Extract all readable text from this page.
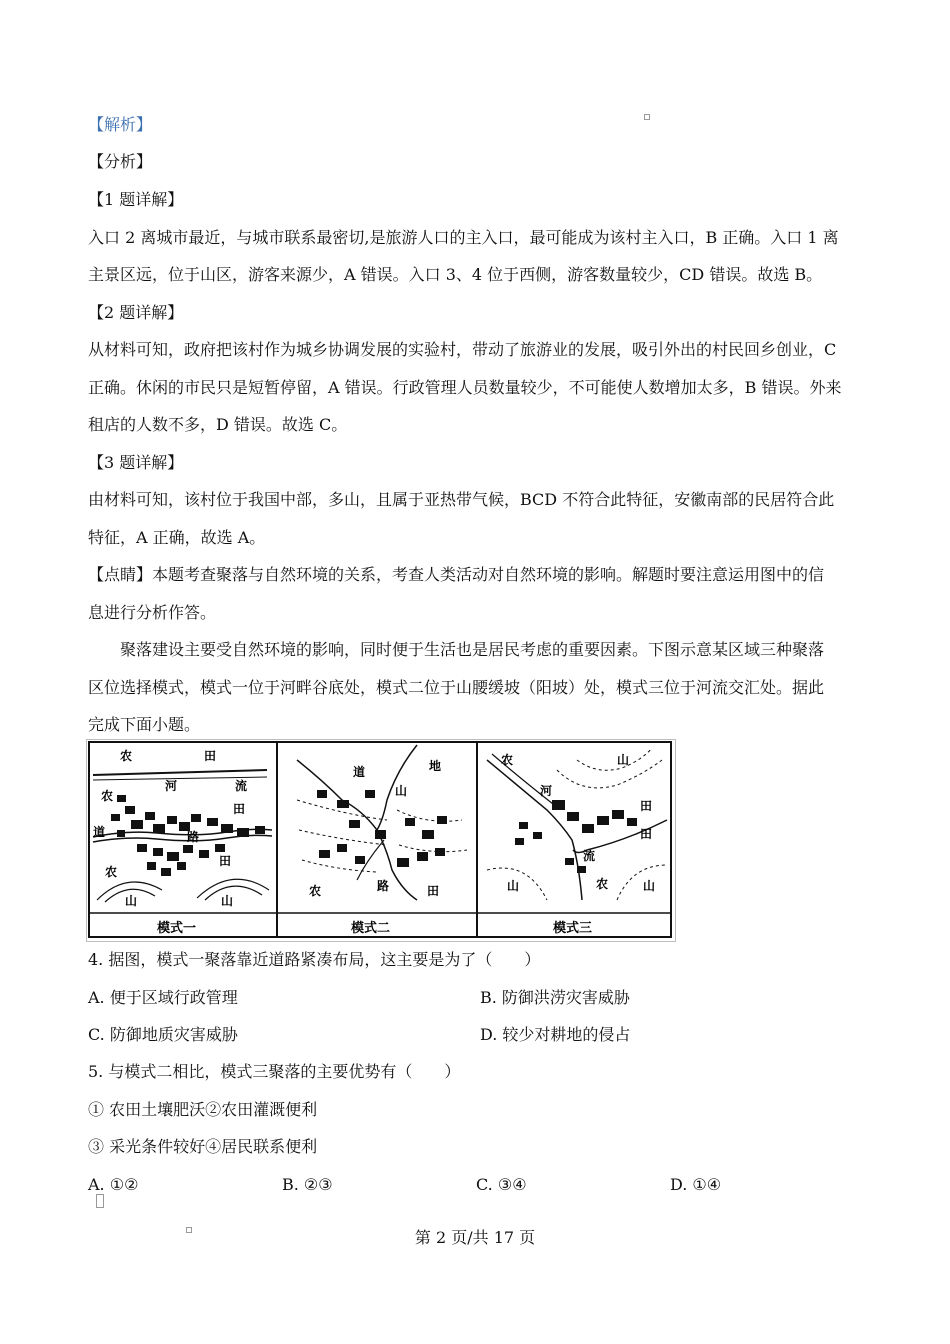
【解析】
【分析】
【1 题详解】
入口 2 离城市最近，与城市联系最密切,是旅游人口的主入口，最可能成为该村主入口，B 正确。入口 1 离
主景区远，位于山区，游客来源少，A 错误。入口 3、4 位于西侧，游客数量较少，CD 错误。故选 B。
【2 题详解】
从材料可知，政府把该村作为城乡协调发展的实验村，带动了旅游业的发展，吸引外出的村民回乡创业，C
正确。休闲的市民只是短暂停留，A 错误。行政管理人员数量较少，不可能使人数增加太多，B 错误。外来
租店的人数不多，D 错误。故选 C。
【3 题详解】
由材料可知，该村位于我国中部，多山，且属于亚热带气候，BCD 不符合此特征，安徽南部的民居符合此
特征，A 正确，故选 A。
【点睛】本题考查聚落与自然环境的关系，考查人类活动对自然环境的影响。解题时要注意运用图中的信
息进行分析作答。
聚落建设主要受自然环境的影响，同时便于生活也是居民考虑的重要因素。下图示意某区域三种聚落
区位选择模式，模式一位于河畔谷底处，模式二位于山腰缓坡（阳坡）处，模式三位于河流交汇处。据此
完成下面小题。
农	田
河	流
农
田
道	路
田
农
山	山
模式一
地
道
山
农	路	田
模式二
农	山
河
田
田
流
山	农	山
模式三
4. 据图，模式一聚落靠近道路紧凑布局，这主要是为了（　　）
A. 便于区域行政管理	B. 防御洪涝灾害威胁
C. 防御地质灾害威胁	D. 较少对耕地的侵占
5. 与模式二相比，模式三聚落的主要优势有（　　）
① 农田土壤肥沃②农田灌溉便利
③ 采光条件较好④居民联系便利
A. ①②	B. ②③	C. ③④	D. ①④
第 2 页/共 17 页
